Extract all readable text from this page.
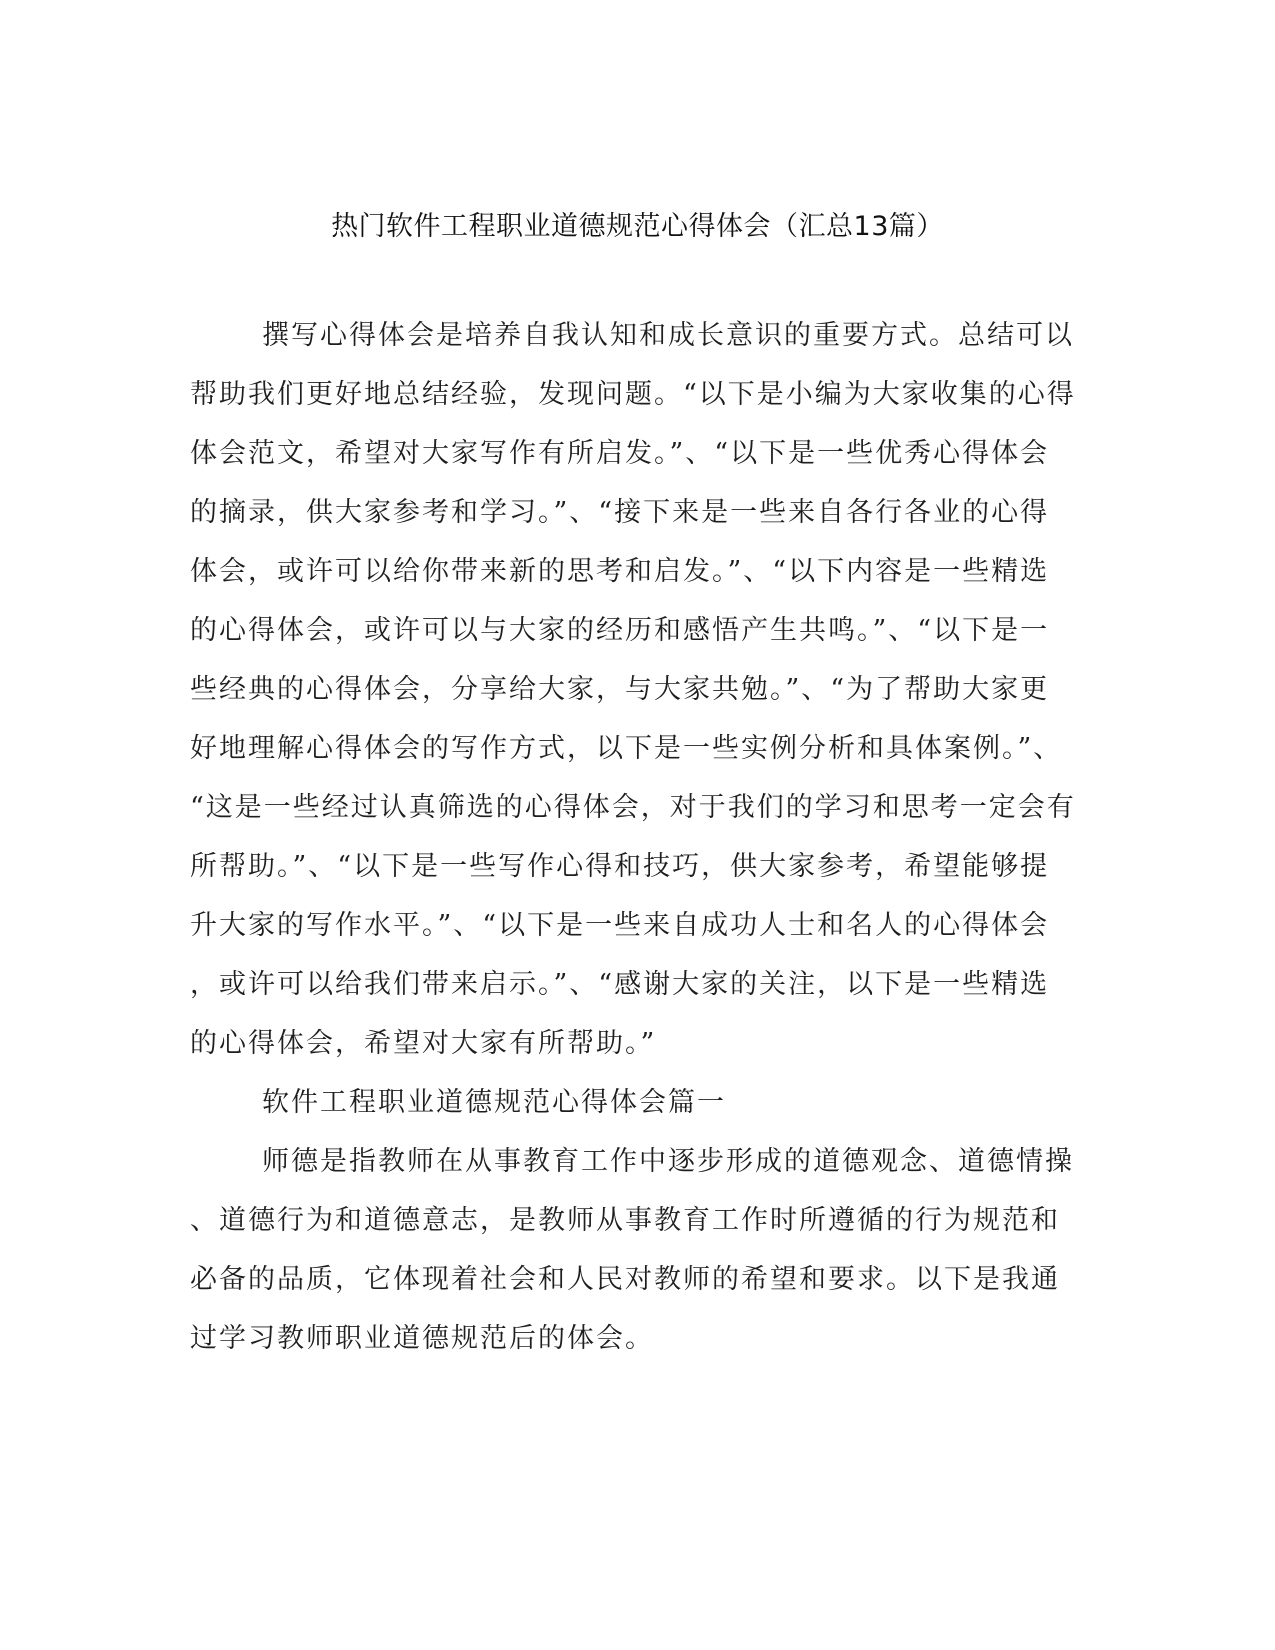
热门软件工程职业道德规范心得体会（汇总13篇）
撰写心得体会是培养自我认知和成长意识的重要方式。总结可以
帮助我们更好地总结经验，发现问题。“以下是小编为大家收集的心得
体会范文，希望对大家写作有所启发。”、“以下是一些优秀心得体会
的摘录，供大家参考和学习。”、“接下来是一些来自各行各业的心得
体会，或许可以给你带来新的思考和启发。”、“以下内容是一些精选
的心得体会，或许可以与大家的经历和感悟产生共鸣。”、“以下是一
些经典的心得体会，分享给大家，与大家共勉。”、“为了帮助大家更
好地理解心得体会的写作方式，以下是一些实例分析和具体案例。”、
“这是一些经过认真筛选的心得体会，对于我们的学习和思考一定会有
所帮助。”、“以下是一些写作心得和技巧，供大家参考，希望能够提
升大家的写作水平。”、“以下是一些来自成功人士和名人的心得体会
，或许可以给我们带来启示。”、“感谢大家的关注，以下是一些精选
的心得体会，希望对大家有所帮助。”
软件工程职业道德规范心得体会篇一
师德是指教师在从事教育工作中逐步形成的道德观念、道德情操
、道德行为和道德意志，是教师从事教育工作时所遵循的行为规范和
必备的品质，它体现着社会和人民对教师的希望和要求。以下是我通
过学习教师职业道德规范后的体会。
